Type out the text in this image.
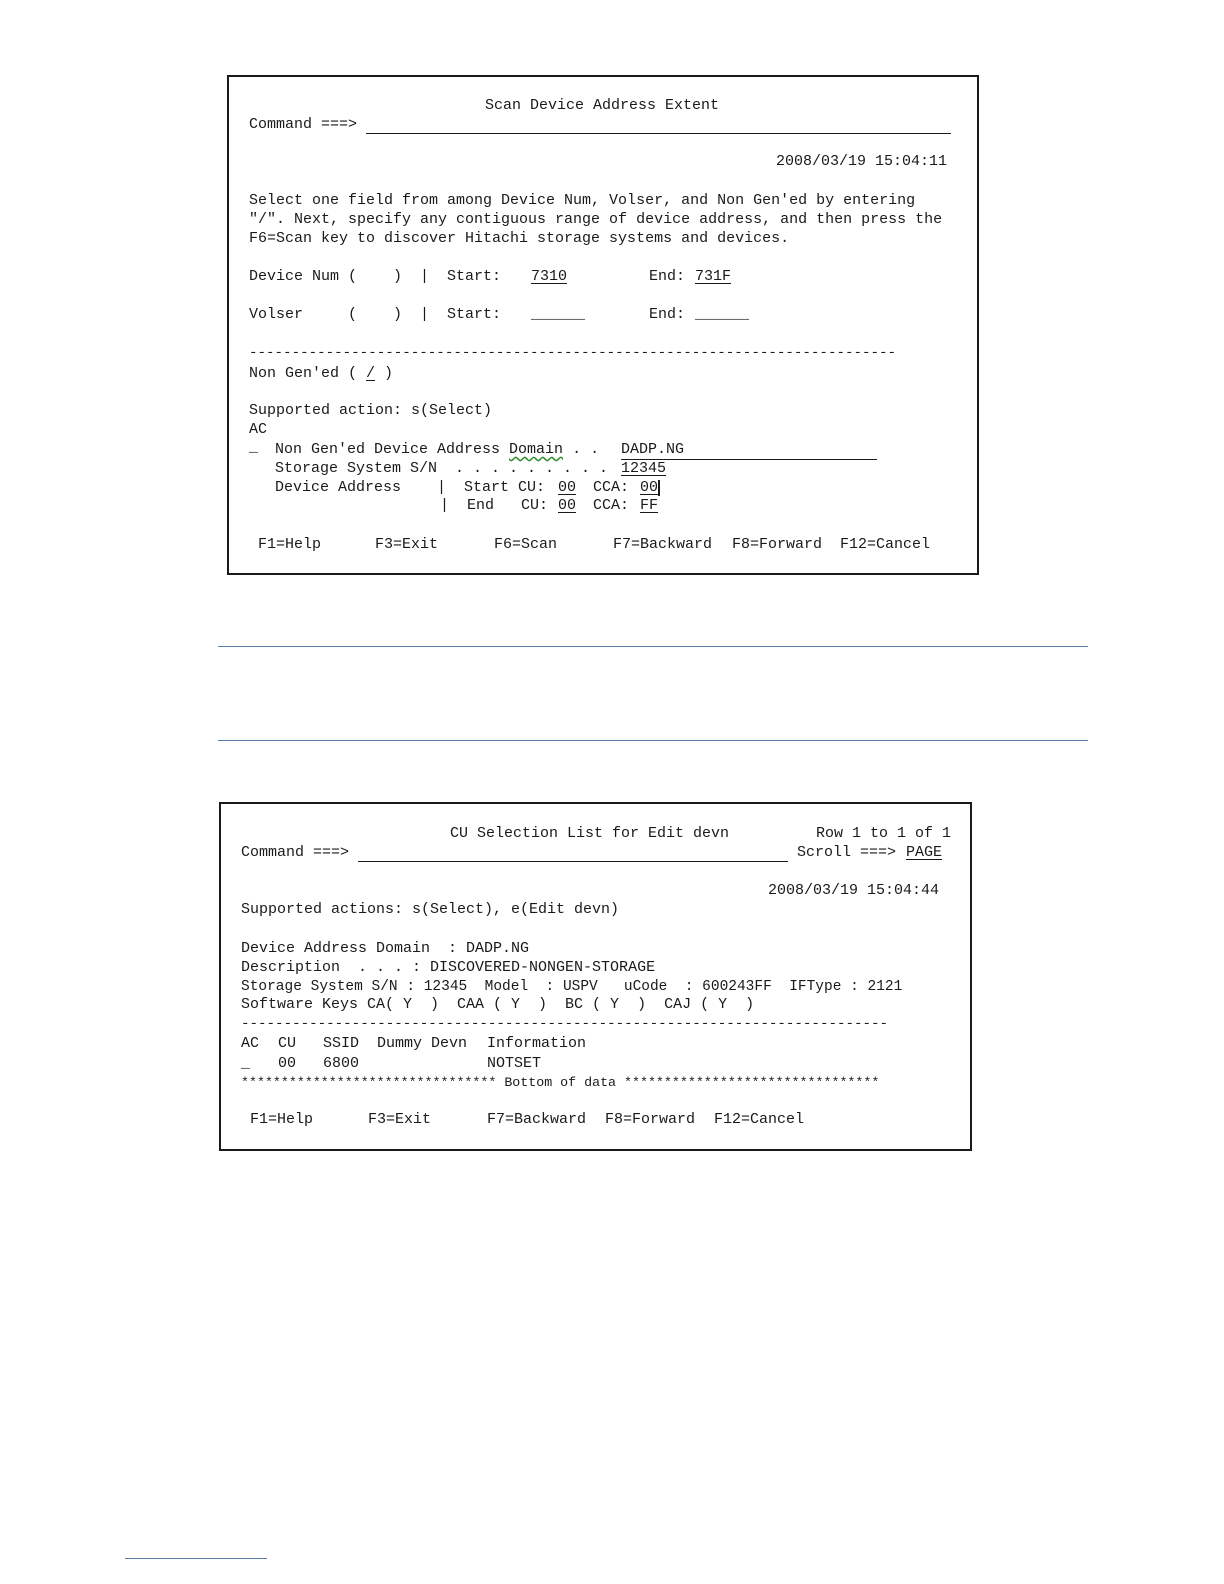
Scan Device Address Extent
Command ===>
2008/03/19 15:04:11
Select one field from among Device Num, Volser, and Non Gen'ed by entering
"/". Next, specify any contiguous range of device address, and then press the
F6=Scan key to discover Hitachi storage systems and devices.
Device Num (    )  |  Start: 7310	End: 731F
Volser     (    )  |  Start: ______	End: ______
----------------------------------------------------------------------------
Non Gen'ed ( / )
Supported action: s(Select)
AC
_ Non Gen'ed Device Address Domain . . DADP.NG
Storage System S/N  . . . . . . . . . 12345
Device Address    |  Start CU: 00 CCA: 00
|  End   CU: 00 CCA: FF
F1=Help	F3=Exit	F6=Scan	F7=Backward F8=Forward F12=Cancel
CU Selection List for Edit devn	Row 1 to 1 of 1
Command ===>	Scroll ===> PAGE
2008/03/19 15:04:44
Supported actions: s(Select), e(Edit devn)
Device Address Domain  : DADP.NG
Description  . . . : DISCOVERED-NONGEN-STORAGE
Storage System S/N : 12345  Model  : USPV   uCode  : 600243FF  IFType : 2121
Software Keys CA( Y  )  CAA ( Y  )  BC ( Y  )  CAJ ( Y  )
----------------------------------------------------------------------------
AC CU SSID Dummy Devn Information
_ 00 6800	NOTSET
******************************** Bottom of data ********************************
F1=Help	F3=Exit	F7=Backward F8=Forward F12=Cancel
